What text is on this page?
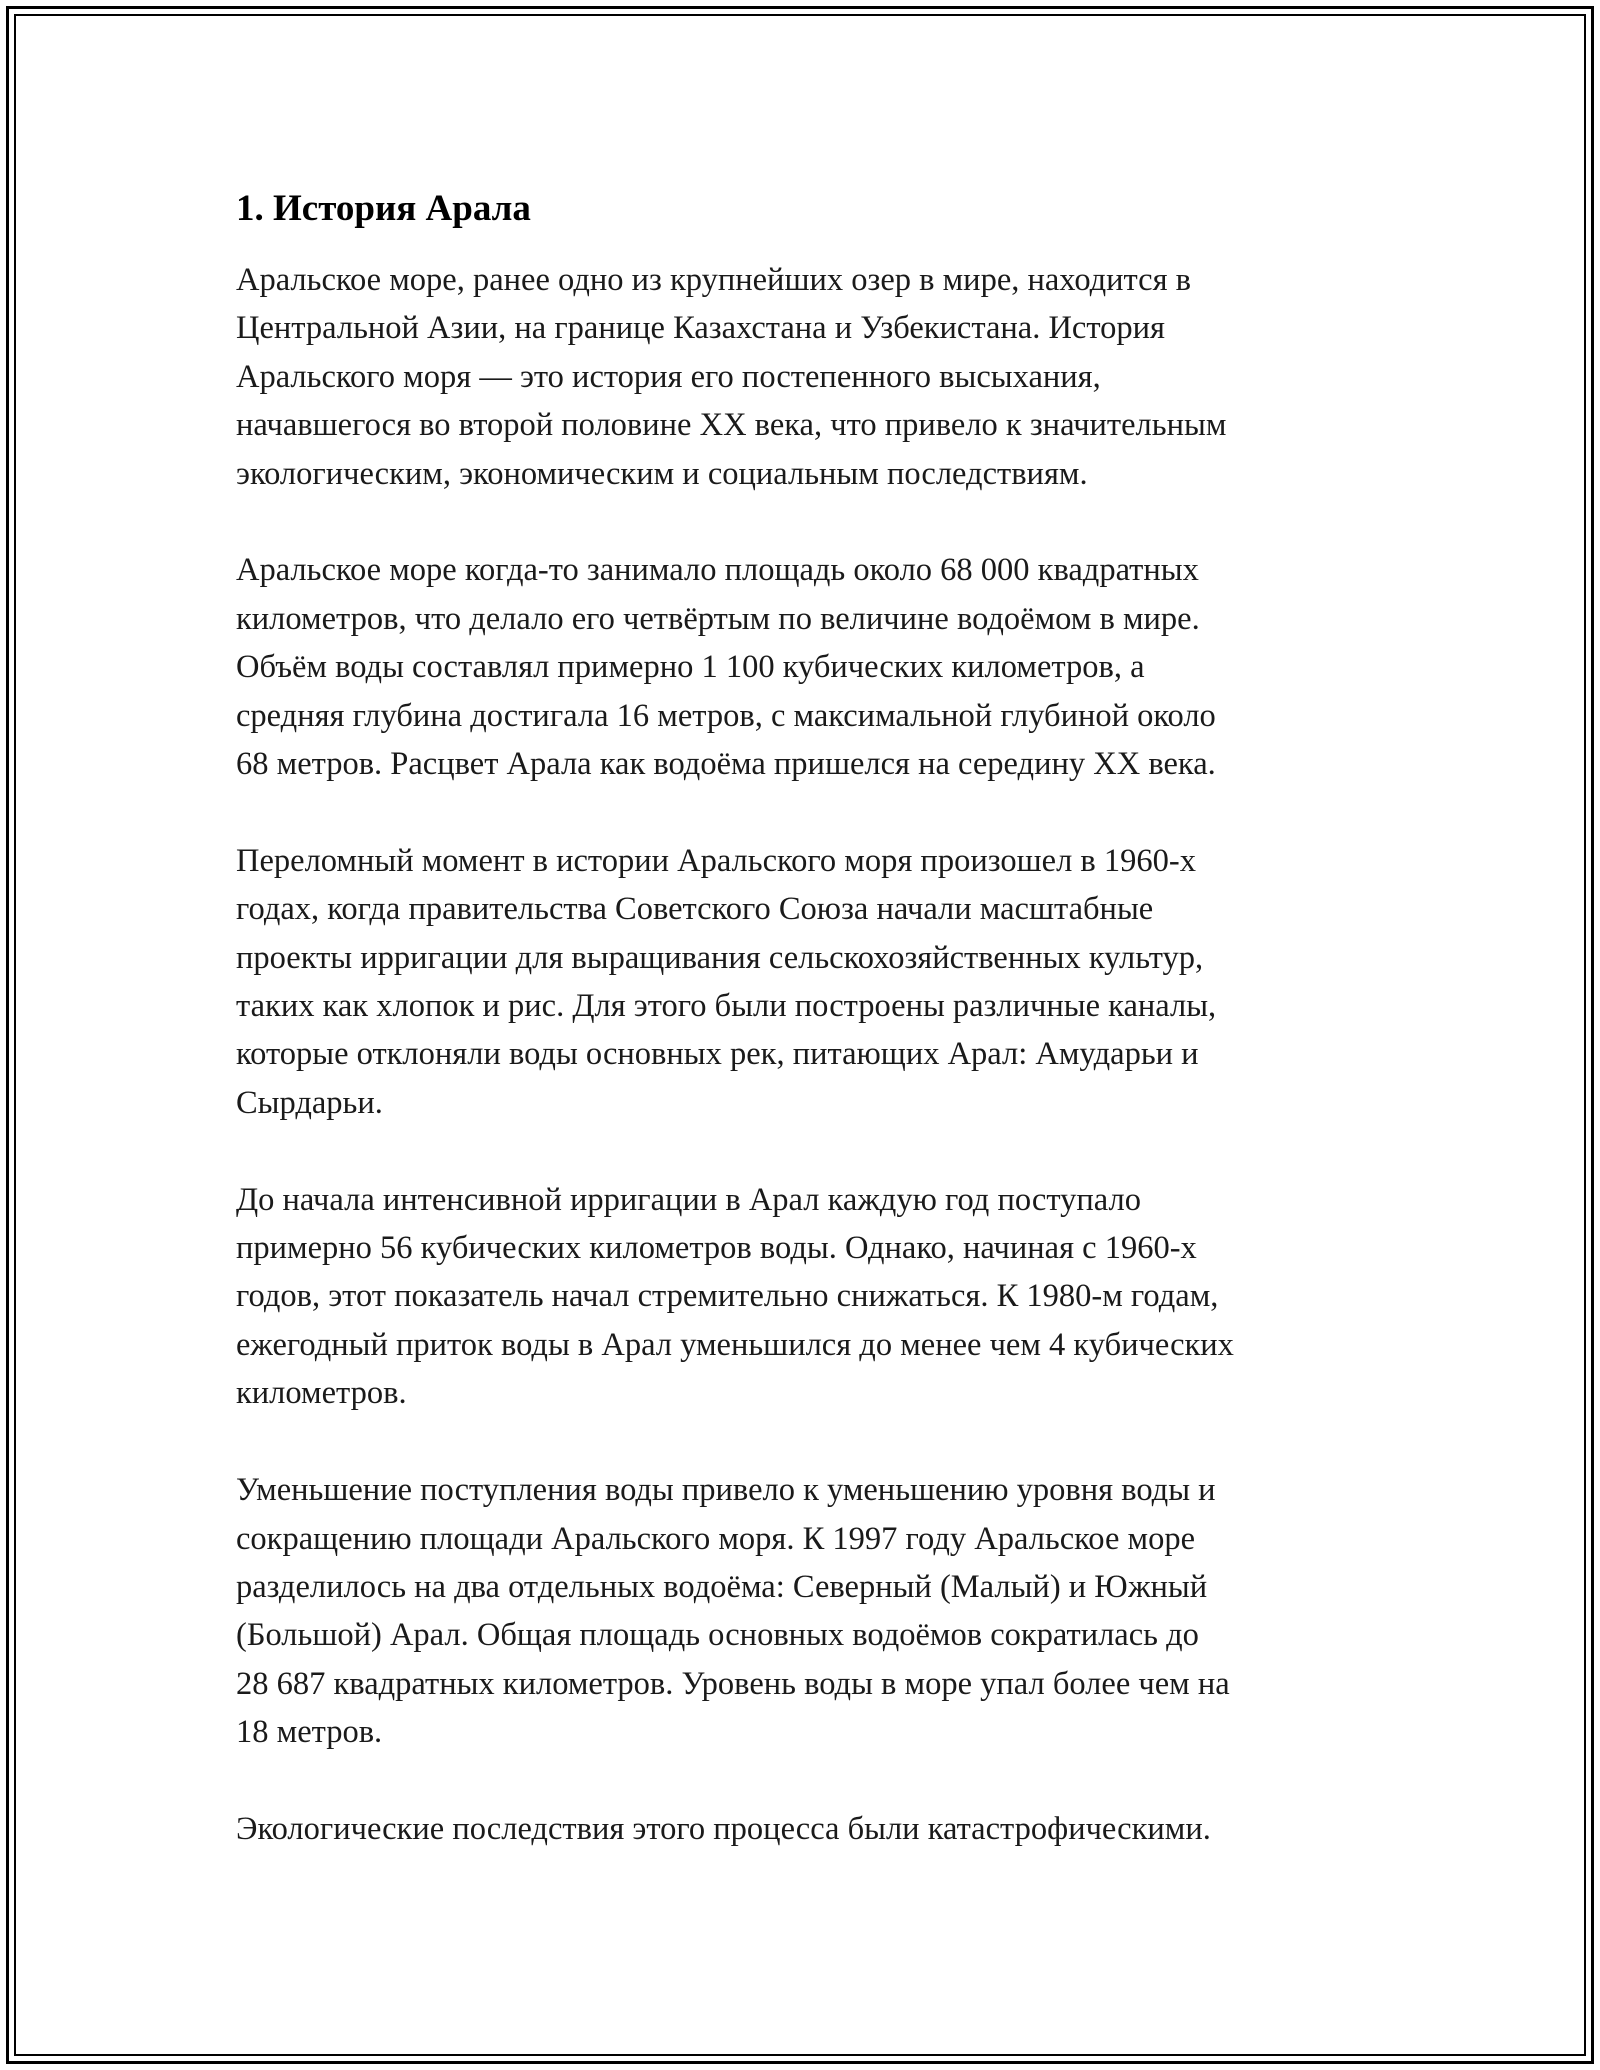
1. История Арала

Аральское море, ранее одно из крупнейших озер в мире, находится в
Центральной Азии, на границе Казахстана и Узбекистана. История
Аральского моря — это история его постепенного высыхания,
начавшегося во второй половине XX века, что привело к значительным
экологическим, экономическим и социальным последствиям.

Аральское море когда-то занимало площадь около 68 000 квадратных
километров, что делало его четвёртым по величине водоёмом в мире.
Объём воды составлял примерно 1 100 кубических километров, а
средняя глубина достигала 16 метров, с максимальной глубиной около
68 метров. Расцвет Арала как водоёма пришелся на середину XX века.

Переломный момент в истории Аральского моря произошел в 1960-х
годах, когда правительства Советского Союза начали масштабные
проекты ирригации для выращивания сельскохозяйственных культур,
таких как хлопок и рис. Для этого были построены различные каналы,
которые отклоняли воды основных рек, питающих Арал: Амударьи и
Сырдарьи.

До начала интенсивной ирригации в Арал каждую год поступало
примерно 56 кубических километров воды. Однако, начиная с 1960-х
годов, этот показатель начал стремительно снижаться. К 1980-м годам,
ежегодный приток воды в Арал уменьшился до менее чем 4 кубических
километров.

Уменьшение поступления воды привело к уменьшению уровня воды и
сокращению площади Аральского моря. К 1997 году Аральское море
разделилось на два отдельных водоёма: Северный (Малый) и Южный
(Большой) Арал. Общая площадь основных водоёмов сократилась до
28 687 квадратных километров. Уровень воды в море упал более чем на
18 метров.

Экологические последствия этого процесса были катастрофическими.
